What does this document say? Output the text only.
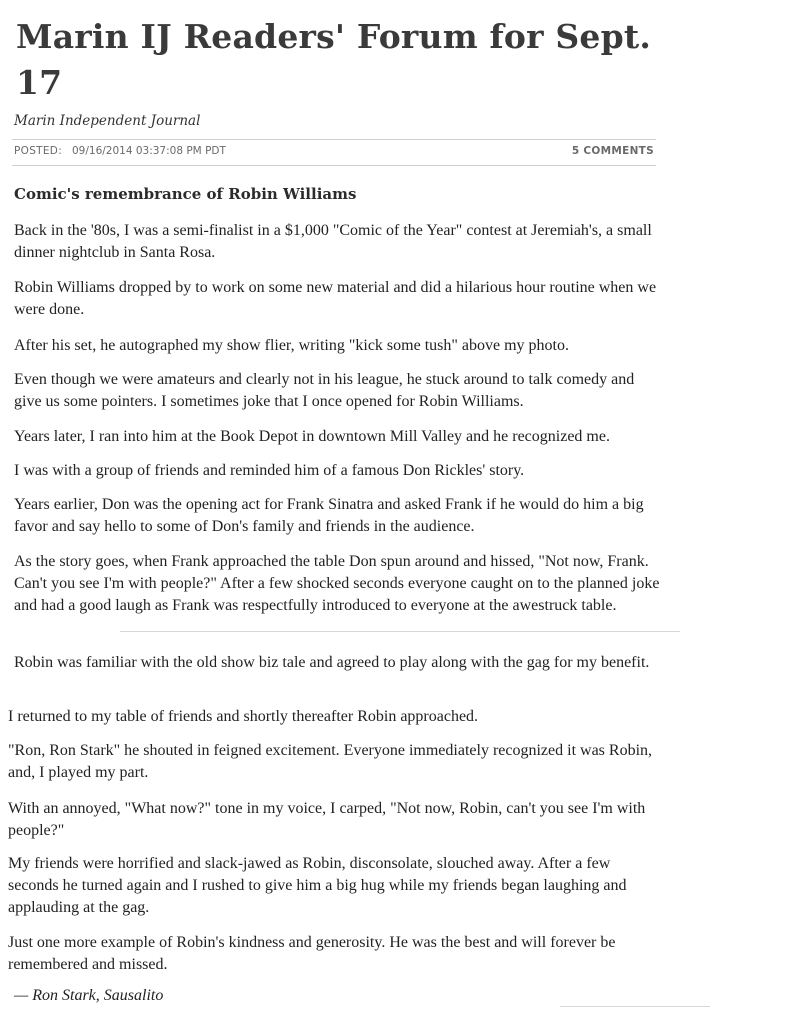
Marin IJ Readers' Forum for Sept. 17
Marin Independent Journal
POSTED: 09/16/2014 03:37:08 PM PDT	5 COMMENTS
Comic's remembrance of Robin Williams

Back in the '80s, I was a semi-finalist in a $1,000 "Comic of the Year" contest at Jeremiah's, a small dinner nightclub in Santa Rosa.

Robin Williams dropped by to work on some new material and did a hilarious hour routine when we were done.

After his set, he autographed my show flier, writing "kick some tush" above my photo.

Even though we were amateurs and clearly not in his league, he stuck around to talk comedy and give us some pointers. I sometimes joke that I once opened for Robin Williams.

Years later, I ran into him at the Book Depot in downtown Mill Valley and he recognized me.

I was with a group of friends and reminded him of a famous Don Rickles' story.

Years earlier, Don was the opening act for Frank Sinatra and asked Frank if he would do him a big favor and say hello to some of Don's family and friends in the audience.

As the story goes, when Frank approached the table Don spun around and hissed, "Not now, Frank. Can't you see I'm with people?" After a few shocked seconds everyone caught on to the planned joke and had a good laugh as Frank was respectfully introduced to everyone at the awestruck table.

Robin was familiar with the old show biz tale and agreed to play along with the gag for my benefit.

I returned to my table of friends and shortly thereafter Robin approached.

"Ron, Ron Stark" he shouted in feigned excitement. Everyone immediately recognized it was Robin, and, I played my part.

With an annoyed, "What now?" tone in my voice, I carped, "Not now, Robin, can't you see I'm with people?"

My friends were horrified and slack-jawed as Robin, disconsolate, slouched away. After a few seconds he turned again and I rushed to give him a big hug while my friends began laughing and applauding at the gag.

Just one more example of Robin's kindness and generosity. He was the best and will forever be remembered and missed.

— Ron Stark, Sausalito
